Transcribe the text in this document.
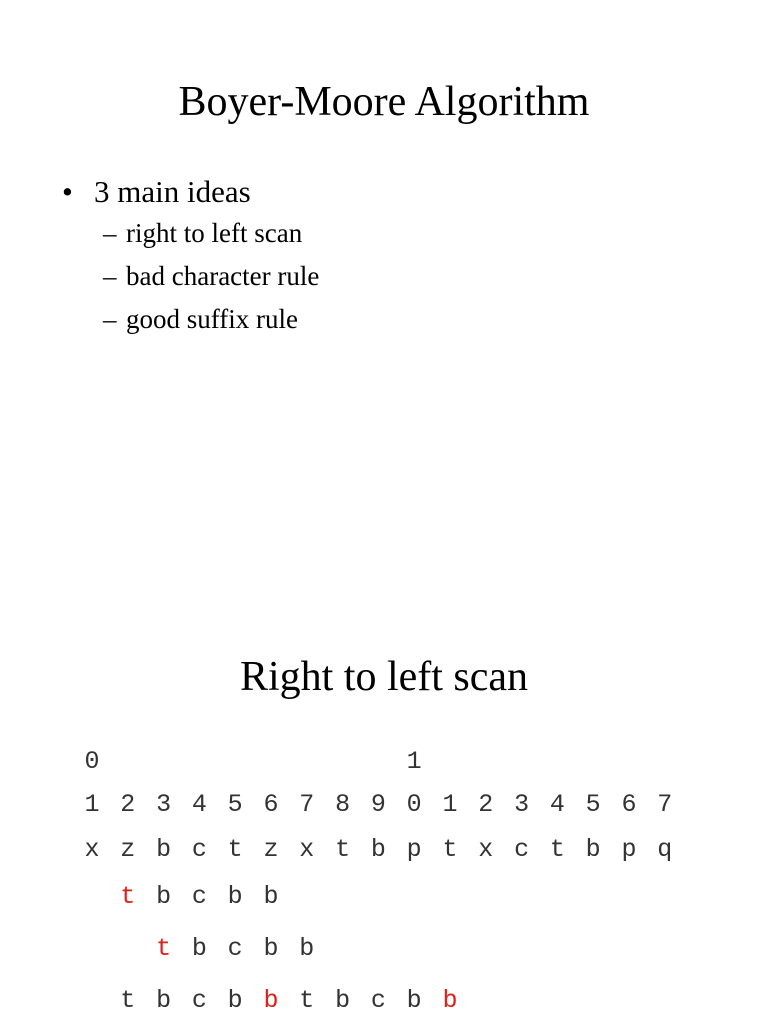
Boyer-Moore Algorithm
• 3 main ideas
– right to left scan
– bad character rule
– good suffix rule
Right to left scan
0	1
1 2 3 4 5 6 7 8 9 0 1 2 3 4 5 6 7
x z b c t z x t b p t x c t b p q
t b c b b
t b c b b
t b c b b t b c b b
